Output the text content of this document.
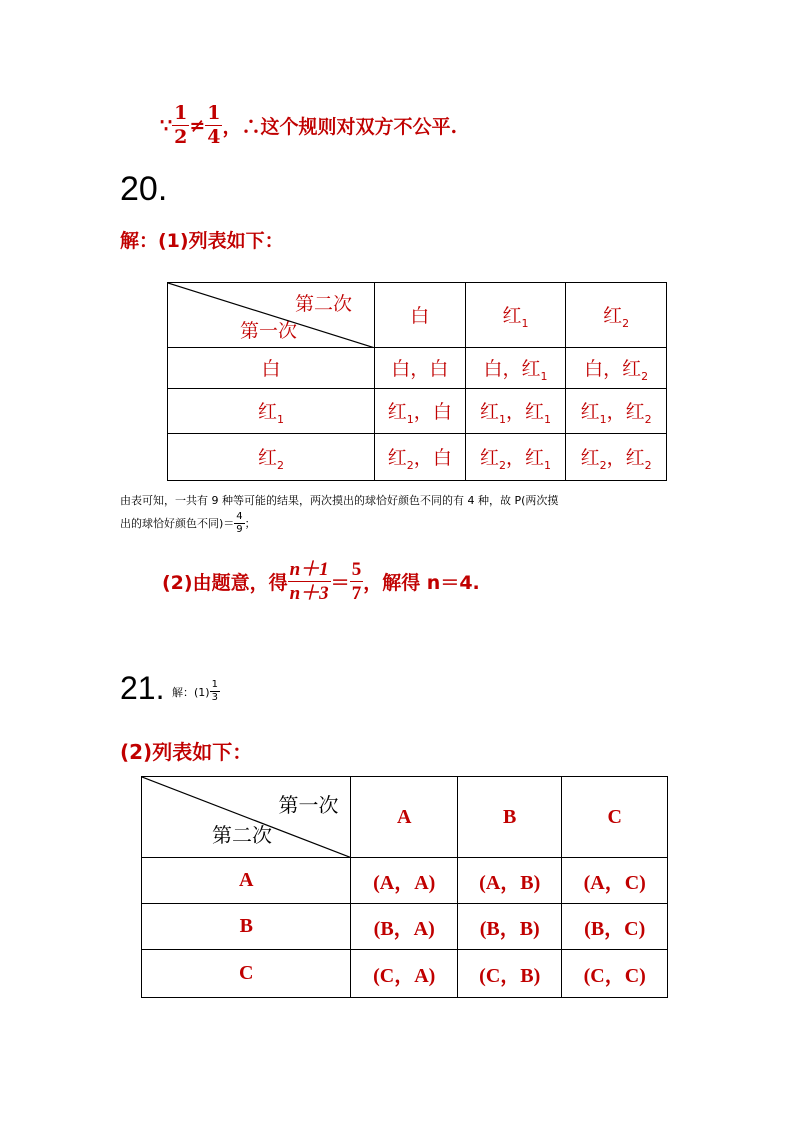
∵ $\frac{1}{2} \ne \frac{1}{4}$ ，∴这个规则对双方不公平.
20.
解：(1)列表如下：
第二次
第一次	白	红$_1$	红$_2$
白	白，白	白，红$_1$	白，红$_2$
红$_1$	红$_1$，白	红$_1$，红$_1$	红$_1$，红$_2$
红$_2$	红$_2$，白	红$_2$，红$_1$	红$_2$，红$_2$
由表可知，一共有 9 种等可能的结果，两次摸出的球恰好颜色不同的有 4 种，故 P(两次摸
出的球恰好颜色不同)＝ $\frac{4}{9}$ ；
(2)由题意，得 $\frac{n+1}{n+3} = \frac{5}{7}$ ，解得 n＝4.
21. 解：$(1) \frac{1}{3}$
(2)列表如下：
第一次
第二次	A	B	C
A	(A，A)	(A，B)	(A，C)
B	(B，A)	(B，B)	(B，C)
C	(C，A)	(C，B)	(C，C)
